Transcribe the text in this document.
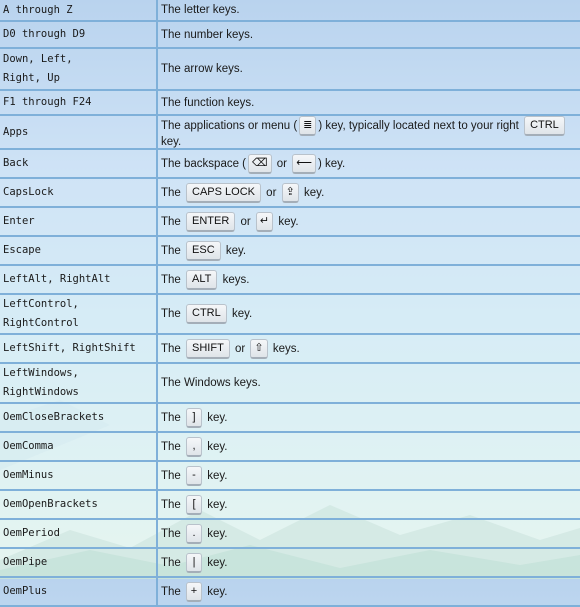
A through Z	The letter keys.
D0 through D9	The number keys.
Down, Left,
Right, Up	The arrow keys.
F1 through F24	The function keys.
Apps	The applications or menu ( ≣ ) key, typically located next to your right CTRL key.
Back	The backspace ( ⌫ or ⟵ ) key.
CapsLock	The CAPS LOCK or ⇪ key.
Enter	The ENTER or ↵ key.
Escape	The ESC key.
LeftAlt, RightAlt	The ALT keys.
LeftControl, RightControl	The CTRL key.
LeftShift, RightShift	The SHIFT or ⇧ keys.
LeftWindows, RightWindows	The Windows keys.
OemCloseBrackets	The ] key.
OemComma	The , key.
OemMinus	The - key.
OemOpenBrackets	The [ key.
OemPeriod	The . key.
OemPipe	The | key.
OemPlus	The + key.
